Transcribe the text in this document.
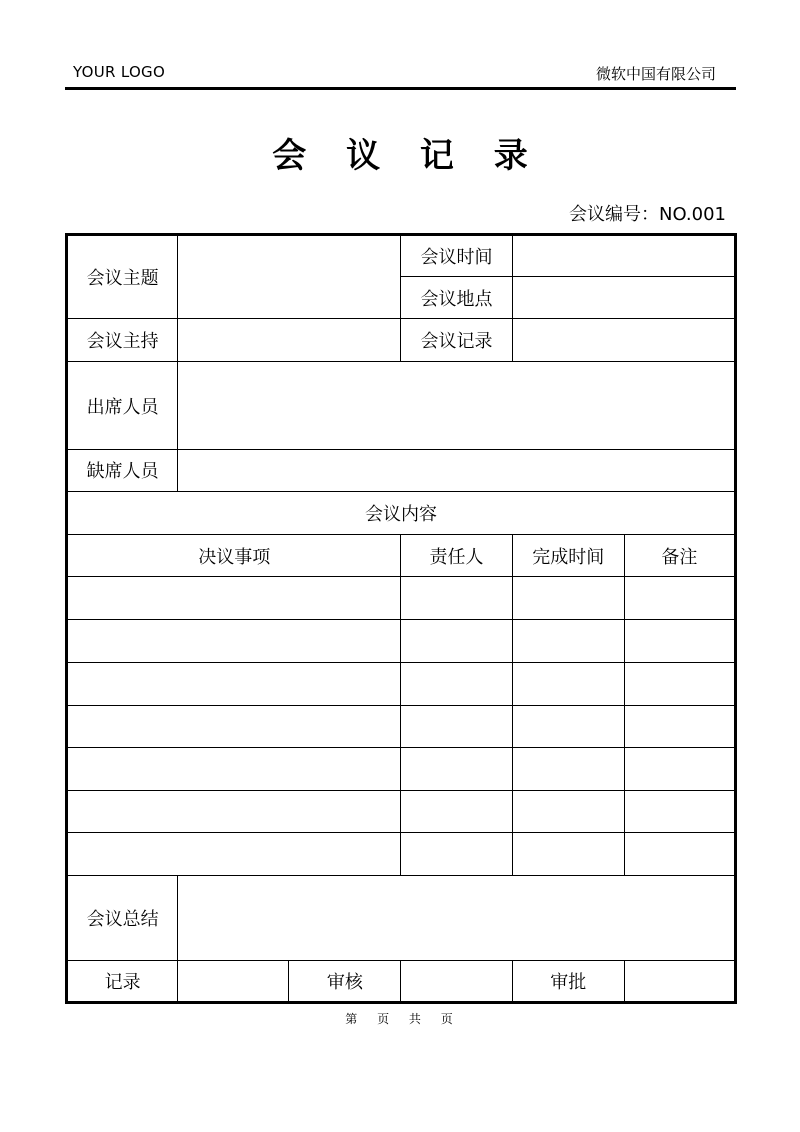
YOUR LOGO	微软中国有限公司
会 议 记 录
会议编号：NO.001
会议主题			会议时间		
			会议地点		
会议主持			会议记录		
出席人员					
缺席人员					
会议内容					
决议事项			责任人	完成时间	备注

会议总结					
记录		审核		审批	
第 页 共 页
